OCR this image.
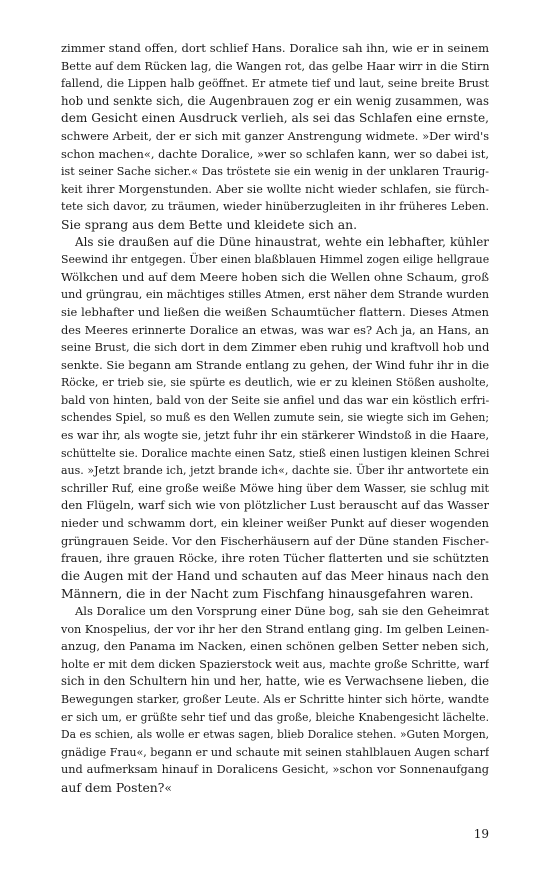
zimmer stand offen, dort schlief Hans. Doralice sah ihn, wie er in seinem
Bette auf dem Rücken lag, die Wangen rot, das gelbe Haar wirr in die Stirn
fallend, die Lippen halb geöffnet. Er atmete tief und laut, seine breite Brust
hob und senkte sich, die Augenbrauen zog er ein wenig zusammen, was
dem Gesicht einen Ausdruck verlieh, als sei das Schlafen eine ernste,
schwere Arbeit, der er sich mit ganzer Anstrengung widmete. »Der wird's
schon machen«, dachte Doralice, »wer so schlafen kann, wer so dabei ist,
ist seiner Sache sicher.« Das tröstete sie ein wenig in der unklaren Traurig-
keit ihrer Morgenstunden. Aber sie wollte nicht wieder schlafen, sie fürch-
tete sich davor, zu träumen, wieder hinüberzugleiten in ihr früheres Leben.
Sie sprang aus dem Bette und kleidete sich an.
Als sie draußen auf die Düne hinaustrat, wehte ein lebhafter, kühler
Seewind ihr entgegen. Über einen blaßblauen Himmel zogen eilige hellgraue
Wölkchen und auf dem Meere hoben sich die Wellen ohne Schaum, groß
und grüngrau, ein mächtiges stilles Atmen, erst näher dem Strande wurden
sie lebhafter und ließen die weißen Schaumtücher flattern. Dieses Atmen
des Meeres erinnerte Doralice an etwas, was war es? Ach ja, an Hans, an
seine Brust, die sich dort in dem Zimmer eben ruhig und kraftvoll hob und
senkte. Sie begann am Strande entlang zu gehen, der Wind fuhr ihr in die
Röcke, er trieb sie, sie spürte es deutlich, wie er zu kleinen Stößen ausholte,
bald von hinten, bald von der Seite sie anfiel und das war ein köstlich erfri-
schendes Spiel, so muß es den Wellen zumute sein, sie wiegte sich im Gehen;
es war ihr, als wogte sie, jetzt fuhr ihr ein stärkerer Windstoß in die Haare,
schüttelte sie. Doralice machte einen Satz, stieß einen lustigen kleinen Schrei
aus. »Jetzt brande ich, jetzt brande ich«, dachte sie. Über ihr antwortete ein
schriller Ruf, eine große weiße Möwe hing über dem Wasser, sie schlug mit
den Flügeln, warf sich wie von plötzlicher Lust berauscht auf das Wasser
nieder und schwamm dort, ein kleiner weißer Punkt auf dieser wogenden
grüngrauen Seide. Vor den Fischerhäusern auf der Düne standen Fischer-
frauen, ihre grauen Röcke, ihre roten Tücher flatterten und sie schützten
die Augen mit der Hand und schauten auf das Meer hinaus nach den
Männern, die in der Nacht zum Fischfang hinausgefahren waren.
Als Doralice um den Vorsprung einer Düne bog, sah sie den Geheimrat
von Knospelius, der vor ihr her den Strand entlang ging. Im gelben Leinen-
anzug, den Panama im Nacken, einen schönen gelben Setter neben sich,
holte er mit dem dicken Spazierstock weit aus, machte große Schritte, warf
sich in den Schultern hin und her, hatte, wie es Verwachsene lieben, die
Bewegungen starker, großer Leute. Als er Schritte hinter sich hörte, wandte
er sich um, er grüßte sehr tief und das große, bleiche Knabengesicht lächelte.
Da es schien, als wolle er etwas sagen, blieb Doralice stehen. »Guten Morgen,
gnädige Frau«, begann er und schaute mit seinen stahlblauen Augen scharf
und aufmerksam hinauf in Doralicens Gesicht, »schon vor Sonnenaufgang
auf dem Posten?«
19
